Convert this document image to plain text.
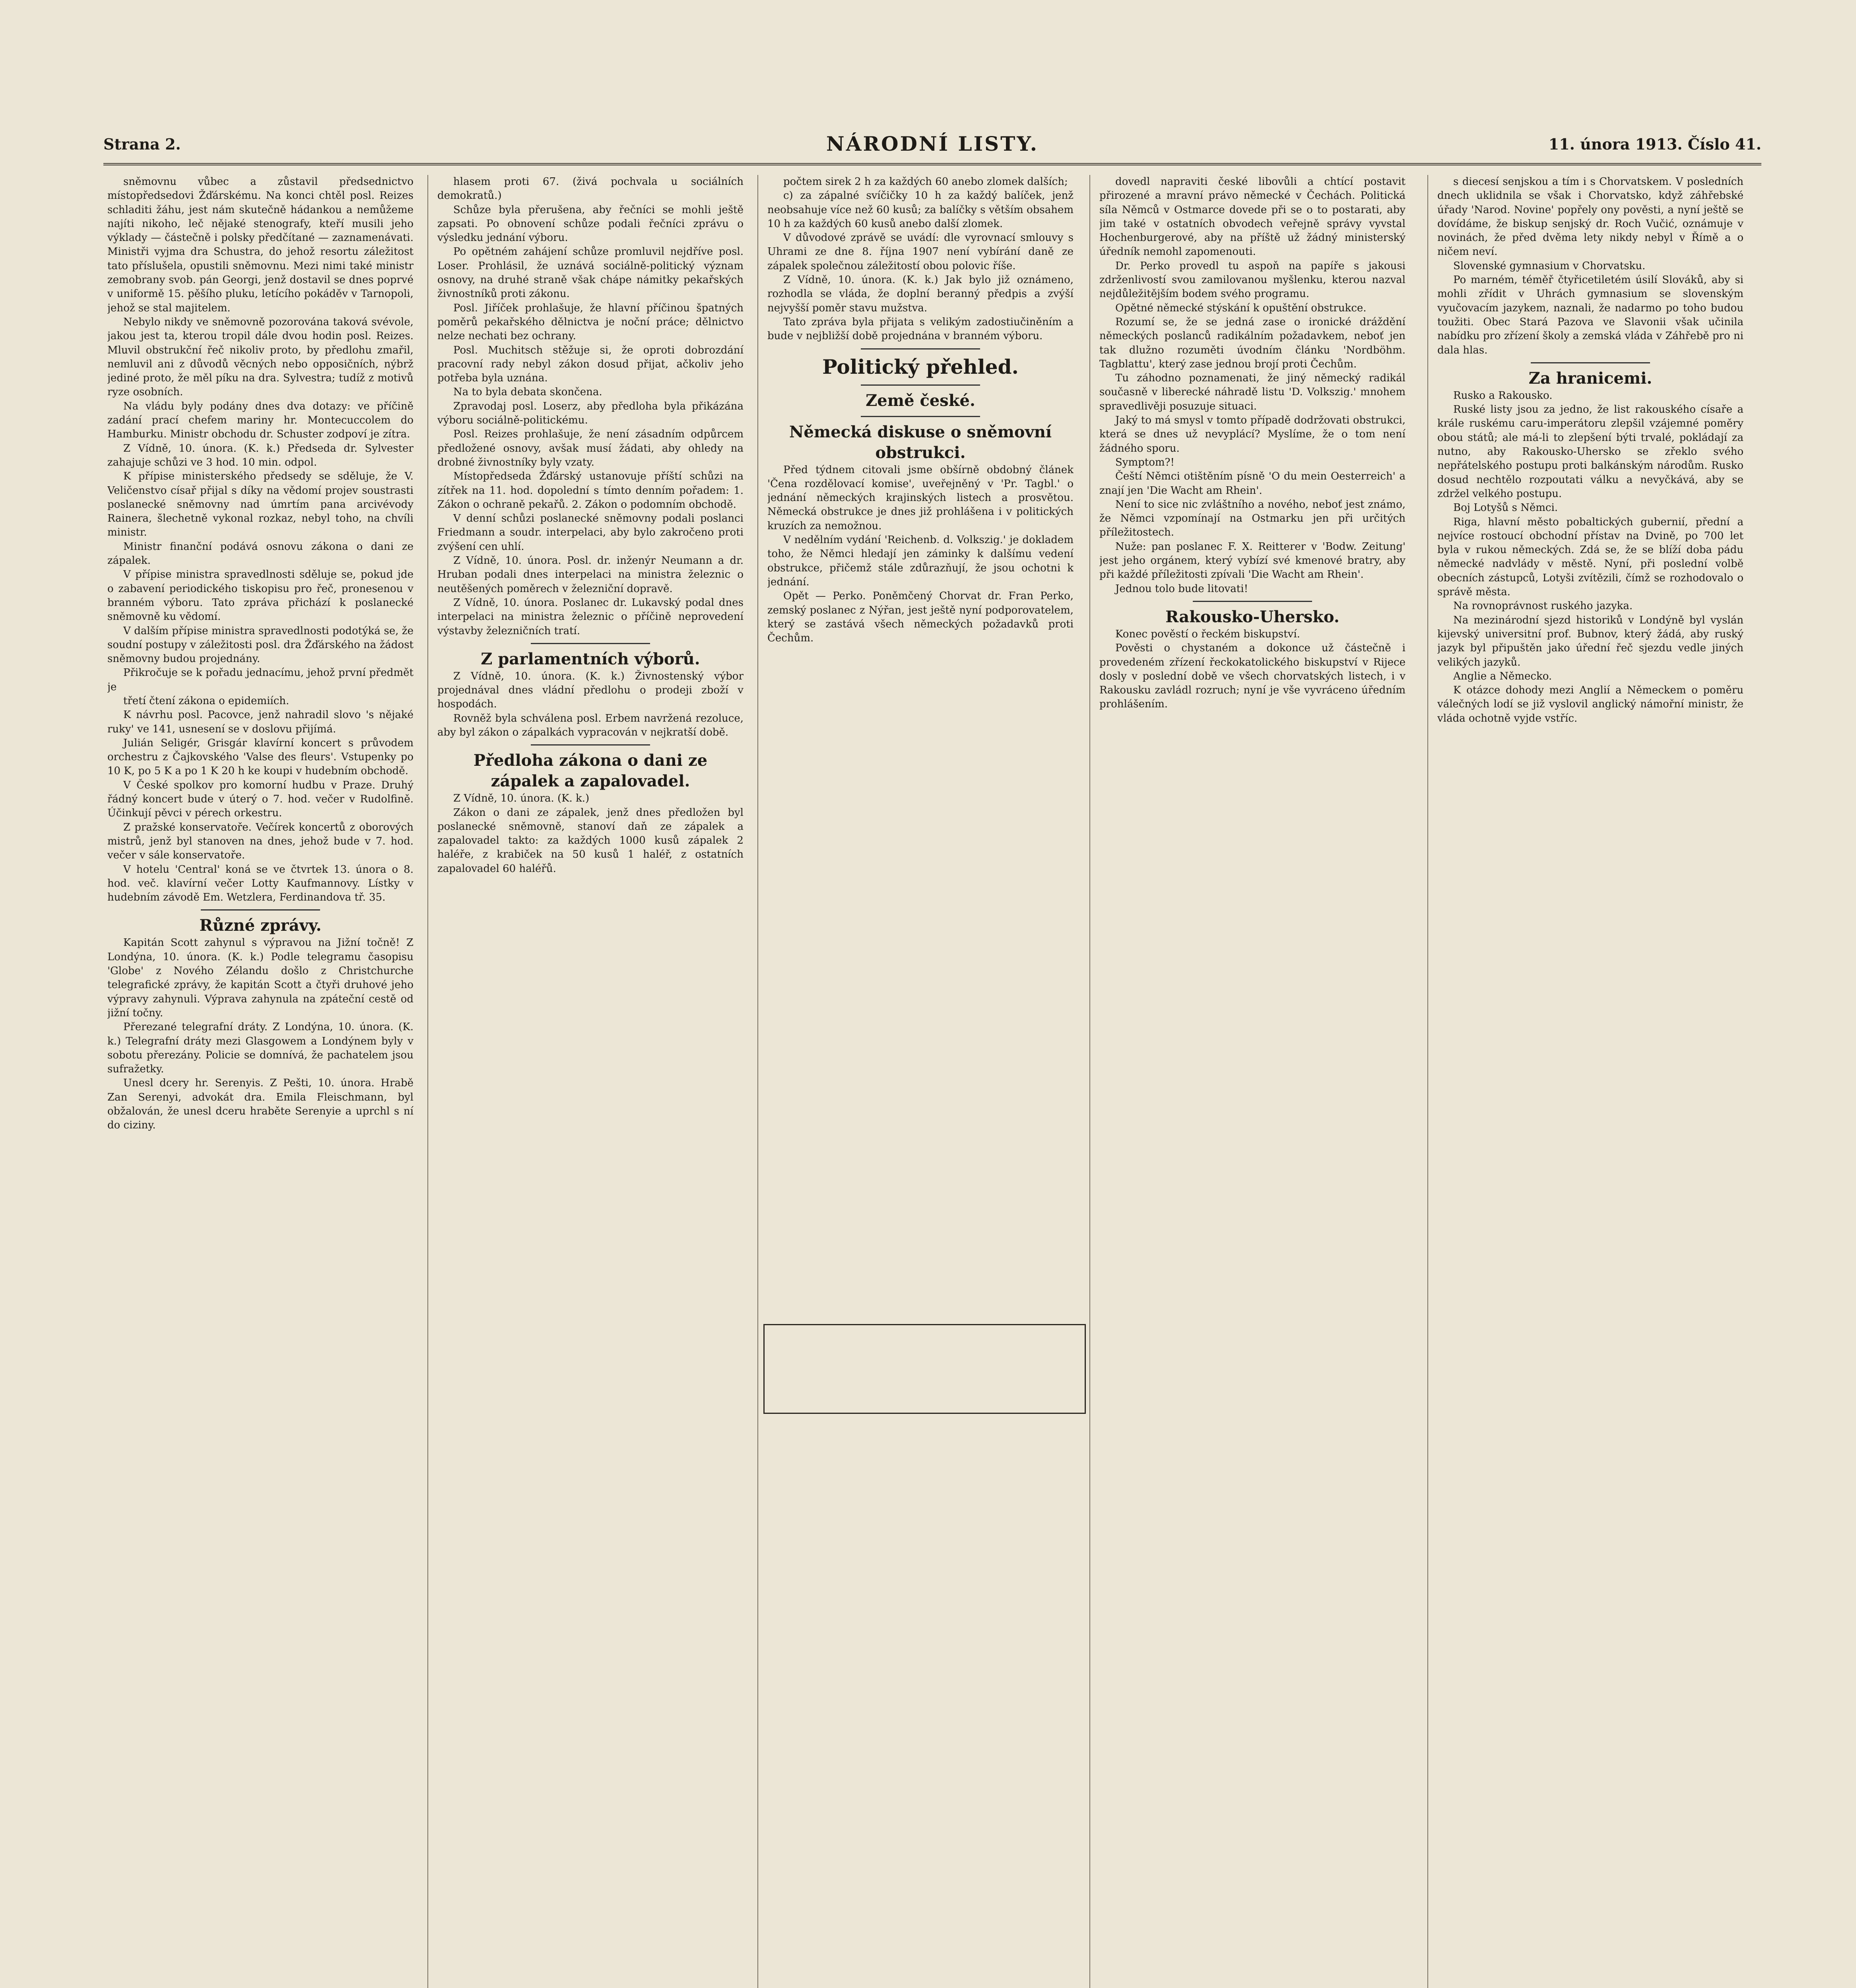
Strana 2.	NÁRODNÍ LISTY.	11. února 1913. Číslo 41.

sněmovnu vůbec a zůstavil předsednictvo místopředsedovi Žďárskému. Na konci chtěl posl. Reizes schladiti žáhu, jest nám skutečně hádankou a nemůžeme najíti nikoho, leč nějaké stenografy, kteří musili jeho výklady — částečně i polsky předčítané — zaznamenávati. Ministři vyjma dra Schustra, do jehož resortu záležitost tato příslušela, opustili sněmovnu. Mezi nimi také ministr zemobrany svob. pán Georgi, jenž dostavil se dnes poprvé v uniformě 15. pěšího pluku, letícího pokáděv v Tarnopoli, jehož se stal majitelem.

Nebylo nikdy ve sněmovně pozorována taková svévole, jakou jest ta, kterou tropil dále dvou hodin posl. Reizes. Mluvil obstrukční řeč nikoliv proto, by předlohu zmařil, nemluvil ani z důvodů věcných nebo opposičních, nýbrž jediné proto, že měl píku na dra. Sylvestra; tudíž z motivů ryze osobních.

Na vládu byly podány dnes dva dotazy: ve příčině zadání prací chefem mariny hr. Montecuccolem do Hamburku. Ministr obchodu dr. Schuster zodpoví je zítra.

Z Vídně, 10. února. (K. k.) Předseda dr. Sylvester zahajuje schůzi ve 3 hod. 10 min. odpol.

K přípise ministerského předsedy se sděluje, že V. Veličenstvo císař přijal s díky na vědomí projev soustrasti poslanecké sněmovny nad úmrtím pana arcivévody Rainera, šlechetně vykonal rozkaz, nebyl toho, na chvíli ministr.

Ministr finanční podává osnovu zákona o dani ze zápalek.

V přípise ministra spravedlnosti sděluje se, pokud jde o zabavení periodického tiskopisu pro řeč, pronesenou v branném výboru. Tato zpráva přichází k poslanecké sněmovně ku vědomí.

V dalším přípise ministra spravedlnosti podotýká se, že soudní postupy v záležitosti posl. dra Žďárského na žádost sněmovny budou projednány.

Přikročuje se k pořadu jednacímu, jehož první předmět je

třetí čtení zákona o epidemiích.

K návrhu posl. Pacovce, jenž nahradil slovo 's nějaké ruky' ve 141, usnesení se v doslovu přijímá.

Julián Seligér, Grisgár klavírní koncert s průvodem orchestru z Čajkovského 'Valse des fleurs'. Vstupenky po 10 K, po 5 K a po 1 K 20 h ke koupi v hudebním obchodě.

V České spolkov pro komorní hudbu v Praze. Druhý řádný koncert bude v úterý o 7. hod. večer v Rudolfině. Účinkují pěvci v pérech orkestru.

Z pražské konservatoře. Večírek koncertů z oborových mistrů, jenž byl stanoven na dnes, jehož bude v 7. hod. večer v sále konservatoře.

V hotelu 'Central' koná se ve čtvrtek 13. února o 8. hod. več. klavírní večer Lotty Kaufmannovy. Lístky v hudebním závodě Em. Wetzlera, Ferdinandova tř. 35.

Různé zprávy.

Kapitán Scott zahynul s výpravou na Jižní točně! Z Londýna, 10. února. (K. k.) Podle telegramu časopisu 'Globe' z Nového Zélandu došlo z Christchurche telegrafické zprávy, že kapitán Scott a čtyři druhové jeho výpravy zahynuli. Výprava zahynula na zpáteční cestě od jižní točny.

Přerezané telegrafní dráty. Z Londýna, 10. února. (K. k.) Telegrafní dráty mezi Glasgowem a Londýnem byly v sobotu přerezány. Policie se domnívá, že pachatelem jsou sufražetky.

Unesl dcery hr. Serenyis. Z Pešti, 10. února. Hrabě Zan Serenyi, advokát dra. Emila Fleischmann, byl obžalován, že unesl dceru hraběte Serenyie a uprchl s ní do ciziny.

hlasem proti 67. (živá pochvala u sociálních demokratů.)

Schůze byla přerušena, aby řečníci se mohli ještě zapsati. Po obnovení schůze podali řečníci zprávu o výsledku jednání výboru.

Po opětném zahájení schůze promluvil nejdříve posl. Loser. Prohlásil, že uznává sociálně-politický význam osnovy, na druhé straně však chápe námitky pekařských živnostníků proti zákonu.

Posl. Jiříček prohlašuje, že hlavní příčinou špatných poměrů pekařského dělnictva je noční práce; dělnictvo nelze nechati bez ochrany.

Posl. Muchitsch stěžuje si, že oproti dobrozdání pracovní rady nebyl zákon dosud přijat, ačkoliv jeho potřeba byla uznána.

Na to byla debata skončena.

Zpravodaj posl. Loserz, aby předloha byla přikázána výboru sociálně-politickému.

Posl. Reizes prohlašuje, že není zásadním odpůrcem předložené osnovy, avšak musí žádati, aby ohledy na drobné živnostníky byly vzaty.

Místopředseda Žďárský ustanovuje příští schůzi na zítřek na 11. hod. dopolední s tímto denním pořadem: 1. Zákon o ochraně pekařů. 2. Zákon o podomním obchodě.

V denní schůzi poslanecké sněmovny podali poslanci Friedmann a soudr. interpelaci, aby bylo zakročeno proti zvýšení cen uhlí.

Z Vídně, 10. února. Posl. dr. inženýr Neumann a dr. Hruban podali dnes interpelaci na ministra železnic o neutěšených poměrech v železniční dopravě.

Z Vídně, 10. února. Poslanec dr. Lukavský podal dnes interpelaci na ministra železnic o příčině neprovedení výstavby železničních tratí.

Z parlamentních výborů.

Z Vídně, 10. února. (K. k.) Živnostenský výbor projednával dnes vládní předlohu o prodeji zboží v hospodách.

Rovněž byla schválena posl. Erbem navržená rezoluce, aby byl zákon o zápalkách vypracován v nejkratší době.

Předloha zákona o dani ze zápalek a zapalovadel.

Z Vídně, 10. února. (K. k.)

Zákon o dani ze zápalek, jenž dnes předložen byl poslanecké sněmovně, stanoví daň ze zápalek a zapalovadel takto: za každých 1000 kusů zápalek 2 haléře, z krabiček na 50 kusů 1 haléř, z ostatních zapalovadel 60 haléřů.

počtem sirek 2 h za každých 60 anebo zlomek dalších;

c) za zápalné svíčičky 10 h za každý balíček, jenž neobsahuje více než 60 kusů; za balíčky s větším obsahem 10 h za každých 60 kusů anebo další zlomek.

V důvodové zprávě se uvádí: dle vyrovnací smlouvy s Uhrami ze dne 8. října 1907 není vybírání daně ze zápalek společnou záležitostí obou polovic říše.

Z Vídně, 10. února. (K. k.) Jak bylo již oznámeno, rozhodla se vláda, že doplní beranný předpis a zvýší nejvyšší poměr stavu mužstva.

Tato zpráva byla přijata s velikým zadostiučiněním a bude v nejbližší době projednána v branném výboru.

Politický přehled.
Země české.
Německá diskuse o sněmovní obstrukci.

Před týdnem citovali jsme obšírně obdobný článek 'Čena rozdělovací komise', uveřejněný v 'Pr. Tagbl.' o jednání německých krajinských listech a prosvětou. Německá obstrukce je dnes již prohlášena i v politických kruzích za nemožnou.

V nedělním vydání 'Reichenb. d. Volkszig.' je dokladem toho, že Němci hledají jen záminky k dalšímu vedení obstrukce, přičemž stále zdůrazňují, že jsou ochotni k jednání.

Opět — Perko. Poněmčený Chorvat dr. Fran Perko, zemský poslanec z Nýřan, jest ještě nyní podporovatelem, který se zastává všech německých požadavků proti Čechům.

dovedl napraviti české libovůli a chtící postavit přirozené a mravní právo německé v Čechách. Politická síla Němců v Ostmarce dovede při se o to postarati, aby jim také v ostatních obvodech veřejně správy vyvstal Hochenburgerové, aby na příště už žádný ministerský úředník nemohl zapomenouti.

Dr. Perko provedl tu aspoň na papíře s jakousi zdrženlivostí svou zamilovanou myšlenku, kterou nazval nejdůležitějším bodem svého programu.

Opětné německé stýskání k opuštění obstrukce.

Rozumí se, že se jedná zase o ironické dráždění německých poslanců radikálním požadavkem, neboť jen tak dlužno rozuměti úvodním článku 'Nordböhm. Tagblattu', který zase jednou brojí proti Čechům.

Tu záhodno poznamenati, že jiný německý radikál současně v liberecké náhradě listu 'D. Volkszig.' mnohem spravedlivěji posuzuje situaci.

Jaký to má smysl v tomto případě dodržovati obstrukci, která se dnes už nevyplácí? Myslíme, že o tom není žádného sporu.

Symptom?!

Čeští Němci otištěním písně 'O du mein Oesterreich' a znají jen 'Die Wacht am Rhein'.

Není to sice nic zvláštního a nového, neboť jest známo, že Němci vzpomínají na Ostmarku jen při určitých příležitostech.

Nuže: pan poslanec F. X. Reitterer v 'Bodw. Zeitung' jest jeho orgánem, který vybízí své kmenové bratry, aby při každé příležitosti zpívali 'Die Wacht am Rhein'.

Jednou tolo bude litovati!

Rakousko-Uhersko.

Konec pověstí o řeckém biskupství.

Pověsti o chystaném a dokonce už částečně i provedeném zřízení řeckokatolického biskupství v Rijece dosly v poslední době ve všech chorvatských listech, i v Rakousku zavládl rozruch; nyní je vše vyvráceno úředním prohlášením.

s diecesí senjskou a tím i s Chorvatskem. V posledních dnech uklidnila se však i Chorvatsko, když záhřebské úřady 'Narod. Novine' popřely ony pověsti, a nyní ještě se dovídáme, že biskup senjský dr. Roch Vučić, oznámuje v novinách, že před dvěma lety nikdy nebyl v Římě a o ničem neví.

Slovenské gymnasium v Chorvatsku.

Po marném, téměř čtyřicetiletém úsilí Slováků, aby si mohli zřídit v Uhrách gymnasium se slovenským vyučovacím jazykem, naznali, že nadarmo po toho budou toužiti. Obec Stará Pazova ve Slavonii však učinila nabídku pro zřízení školy a zemská vláda v Záhřebě pro ni dala hlas.

Za hranicemi.

Rusko a Rakousko.

Ruské listy jsou za jedno, že list rakouského císaře a krále ruskému caru-imperátoru zlepšil vzájemné poměry obou států; ale má-li to zlepšení býti trvalé, pokládají za nutno, aby Rakousko-Uhersko se zřeklo svého nepřátelského postupu proti balkánským národům. Rusko dosud nechtělo rozpoutati válku a nevyčkává, aby se zdržel velkého postupu.

Boj Lotyšů s Němci.

Riga, hlavní město pobaltických gubernií, přední a nejvíce rostoucí obchodní přístav na Dvině, po 700 let byla v rukou německých. Zdá se, že se blíží doba pádu německé nadvlády v městě. Nyní, při poslední volbě obecních zástupců, Lotyši zvítězili, čímž se rozhodovalo o správě města.

Na rovnoprávnost ruského jazyka.

Na mezinárodní sjezd historiků v Londýně byl vyslán kijevský universitní prof. Bubnov, který žádá, aby ruský jazyk byl připuštěn jako úřední řeč sjezdu vedle jiných velikých jazyků.

Anglie a Německo.

K otázce dohody mezi Anglií a Německem o poměru válečných lodí se již vyslovil anglický námořní ministr, že vláda ochotně vyjde vstříc.
